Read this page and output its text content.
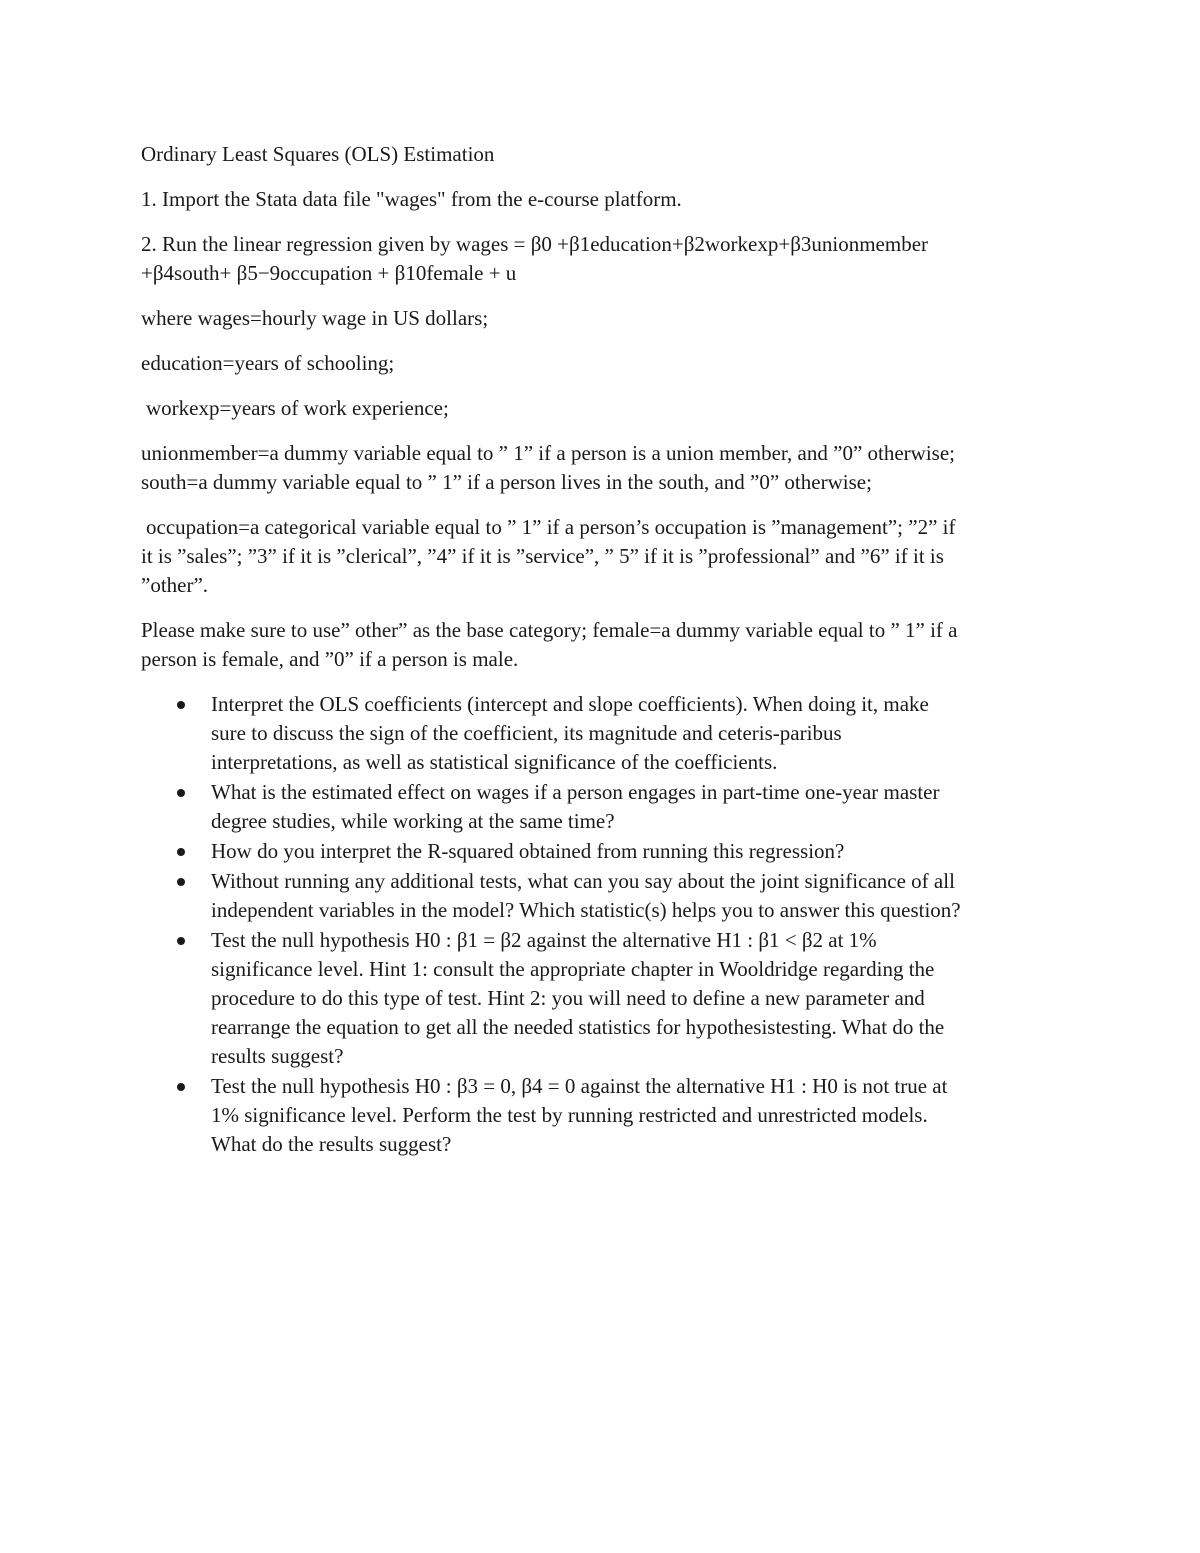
Ordinary Least Squares (OLS) Estimation

1. Import the Stata data file "wages" from the e-course platform.

2. Run the linear regression given by wages = β0 +β1education+β2workexp+β3unionmember

+β4south+ β5−9occupation + β10female + u

where wages=hourly wage in US dollars;

education=years of schooling;

workexp=years of work experience;

unionmember=a dummy variable equal to ” 1” if a person is a union member, and ”0” otherwise;

south=a dummy variable equal to ” 1” if a person lives in the south, and ”0” otherwise;

occupation=a categorical variable equal to ” 1” if a person’s occupation is ”management”; ”2” if

it is ”sales”; ”3” if it is ”clerical”, ”4” if it is ”service”, ” 5” if it is ”professional” and ”6” if it is

”other”.

Please make sure to use” other” as the base category; female=a dummy variable equal to ” 1” if a

person is female, and ”0” if a person is male.

Interpret the OLS coefficients (intercept and slope coefficients). When doing it, make

sure to discuss the sign of the coefficient, its magnitude and ceteris-paribus

interpretations, as well as statistical significance of the coefficients.

What is the estimated effect on wages if a person engages in part-time one-year master

degree studies, while working at the same time?

How do you interpret the R-squared obtained from running this regression?

Without running any additional tests, what can you say about the joint significance of all

independent variables in the model? Which statistic(s) helps you to answer this question?

Test the null hypothesis H0 : β1 = β2 against the alternative H1 : β1 < β2 at 1%

significance level. Hint 1: consult the appropriate chapter in Wooldridge regarding the

procedure to do this type of test. Hint 2: you will need to define a new parameter and

rearrange the equation to get all the needed statistics for hypothesistesting. What do the

results suggest?

Test the null hypothesis H0 : β3 = 0, β4 = 0 against the alternative H1 : H0 is not true at

1% significance level. Perform the test by running restricted and unrestricted models.

What do the results suggest?
